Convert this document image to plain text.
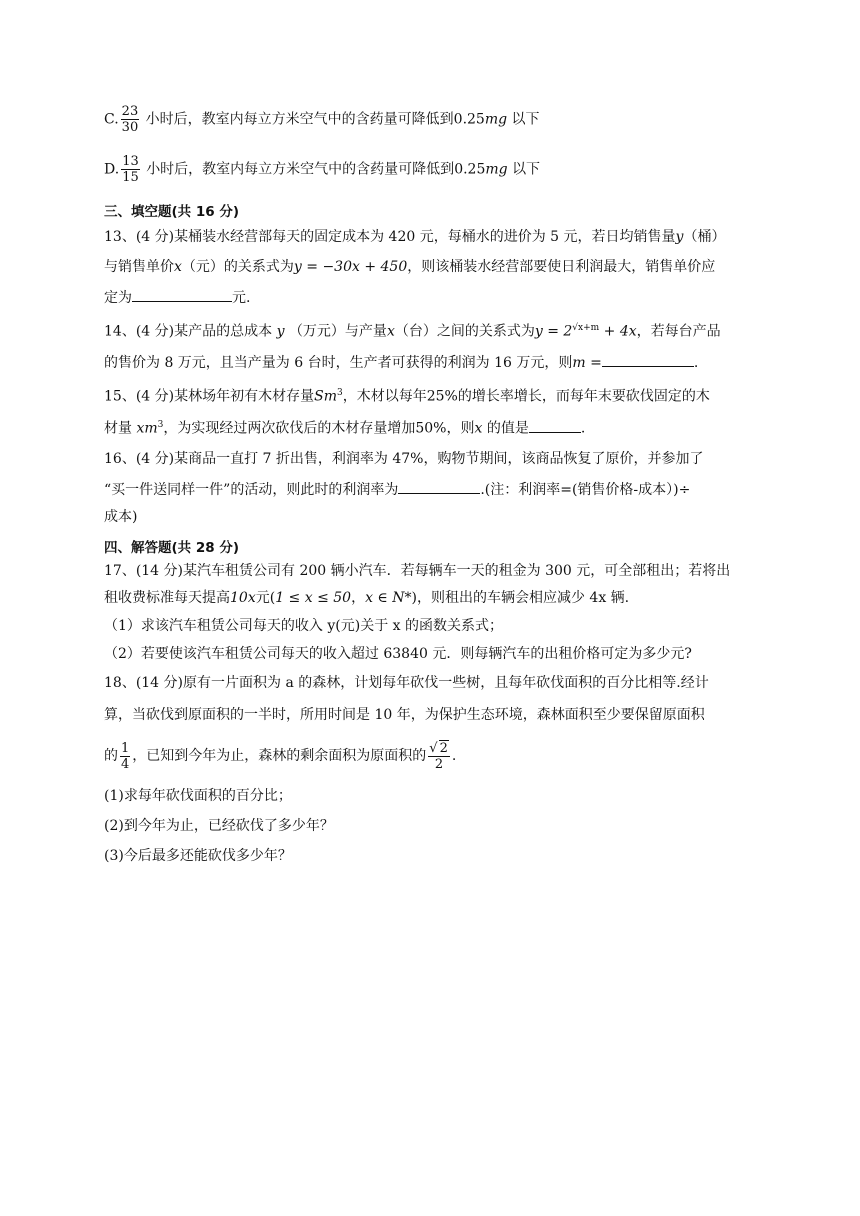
C. $\frac{23}{30}$ 小时后，教室内每立方米空气中的含药量可降低到0.25mg 以下
D. $\frac{13}{15}$ 小时后，教室内每立方米空气中的含药量可降低到0.25mg 以下
三、填空题(共 16 分)
13、(4 分)某桶装水经营部每天的固定成本为 420 元，每桶水的进价为 5 元，若日均销售量y（桶）
与销售单价x（元）的关系式为y = −30x + 450，则该桶装水经营部要使日利润最大，销售单价应
定为	元.
14、(4 分)某产品的总成本 y （万元）与产量x（台）之间的关系式为$y = 2^{√x+m} + 4x$，若每台产品
的售价为 8 万元，且当产量为 6 台时，生产者可获得的利润为 16 万元，则m =	.
15、(4 分)某林场年初有木材存量Sm$^3$，木材以每年25%的增长率增长，而每年末要砍伐固定的木
材量 $xm^3$，为实现经过两次砍伐后的木材存量增加50%，则x 的值是	.
16、(4 分)某商品一直打 7 折出售，利润率为 47%，购物节期间，该商品恢复了原价，并参加了
“买一件送同样一件”的活动，则此时的利润率为	.(注：利润率=(销售价格-成本）)÷
成本)
四、解答题(共 28 分)
17、(14 分)某汽车租赁公司有 200 辆小汽车．若每辆车一天的租金为 300 元，可全部租出；若将出
租收费标准每天提高10x元(1 ≤ x ≤ 50，x ∈ N*)，则租出的车辆会相应减少 4x 辆.
（1）求该汽车租赁公司每天的收入 y(元)关于 x 的函数关系式；
（2）若要使该汽车租赁公司每天的收入超过 63840 元．则每辆汽车的出租价格可定为多少元?
18、(14 分)原有一片面积为 a 的森林，计划每年砍伐一些树，且每年砍伐面积的百分比相等.经计
算，当砍伐到原面积的一半时，所用时间是 10 年，为保护生态环境，森林面积至少要保留原面积
的 $\frac{1}{4}$ ，已知到今年为止，森林的剩余面积为原面积的 $\frac{√ 2}{2}$ .
(1)求每年砍伐面积的百分比；
(2)到今年为止，已经砍伐了多少年？
(3)今后最多还能砍伐多少年？
